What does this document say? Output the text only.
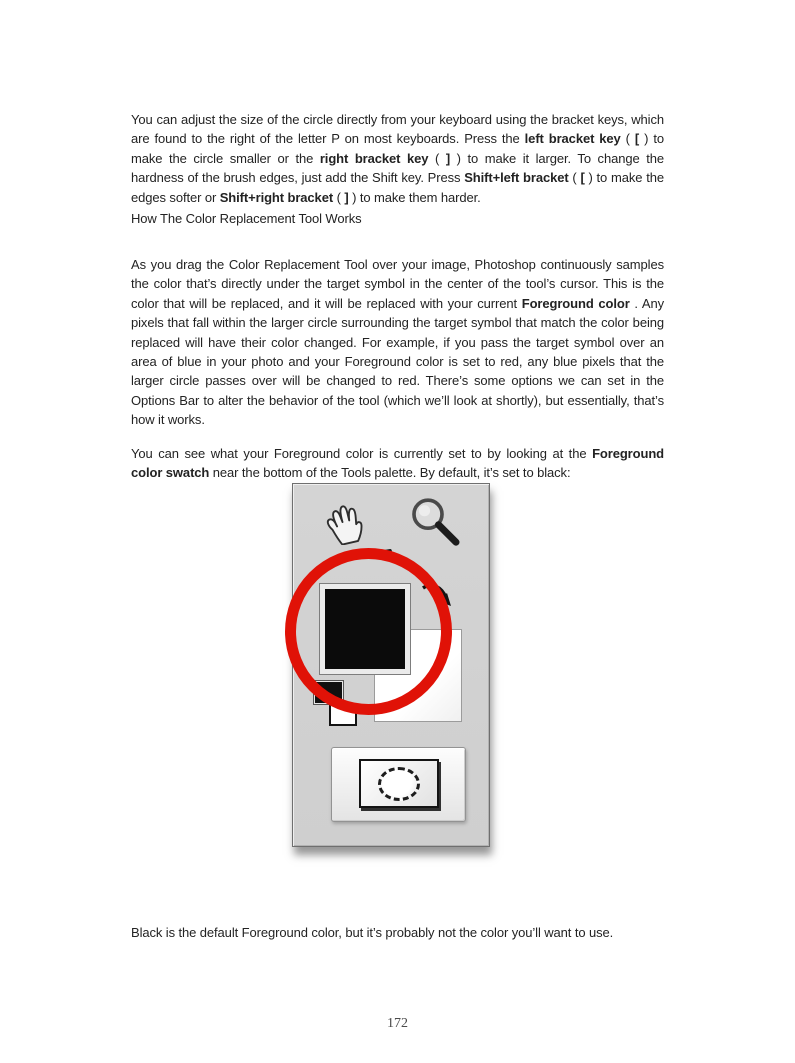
You can adjust the size of the circle directly from your keyboard using the bracket keys, which are found to the right of the letter P on most keyboards. Press the left bracket key ( [ ) to make the circle smaller or the right bracket key ( ] ) to make it larger. To change the hardness of the brush edges, just add the Shift key. Press Shift+left bracket ( [ ) to make the edges softer or Shift+right bracket ( ] ) to make them harder.

How The Color Replacement Tool Works

As you drag the Color Replacement Tool over your image, Photoshop continuously samples the color that’s directly under the target symbol in the center of the tool’s cursor. This is the color that will be replaced, and it will be replaced with your current Foreground color . Any pixels that fall within the larger circle surrounding the target symbol that match the color being replaced will have their color changed. For example, if you pass the target symbol over an area of blue in your photo and your Foreground color is set to red, any blue pixels that the larger circle passes over will be changed to red. There’s some options we can set in the Options Bar to alter the behavior of the tool (which we’ll look at shortly), but essentially, that’s how it works.

You can see what your Foreground color is currently set to by looking at the Foreground color swatch near the bottom of the Tools palette. By default, it’s set to black:

Black is the default Foreground color, but it’s probably not the color you’ll want to use.

172
